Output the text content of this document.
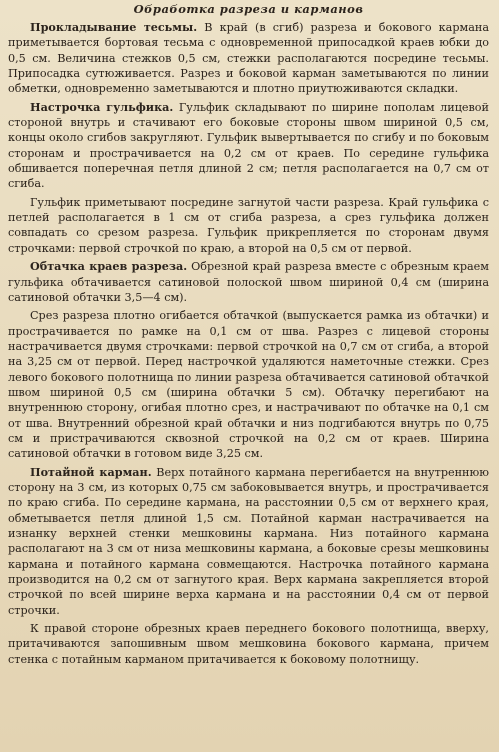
Обработка разреза и карманов

Прокладывание тесьмы. В край (в сгиб) разреза и бокового кармана приметывается бортовая тесьма с одновременной припосадкой краев юбки до 0,5 см. Величина стежков 0,5 см, стежки располагаются посредине тесьмы. Припосадка сутюживается. Разрез и боковой карман заметываются по линии обметки, одновременно заметываются и плотно приутюживаются складки.

Настрочка гульфика. Гульфик складывают по ширине пополам лицевой стороной внутрь и стачивают его боковые стороны швом шириной 0,5 см, концы около сгибов закругляют. Гульфик вывертывается по сгибу и по боковым сторонам и прострачивается на 0,2 см от краев. По середине гульфика обшивается поперечная петля длиной 2 см; петля располагается на 0,7 см от сгиба.

Гульфик приметывают посредине загнутой части разреза. Край гульфика с петлей располагается в 1 см от сгиба разреза, а срез гульфика должен совпадать со срезом разреза. Гульфик прикрепляется по сторонам двумя строчками: первой строчкой по краю, а второй на 0,5 см от первой.

Обтачка краев разреза. Обрезной край разреза вместе с обрезным краем гульфика обтачивается сатиновой полоской швом шириной 0,4 см (ширина сатиновой обтачки 3,5—4 см).

Срез разреза плотно огибается обтачкой (выпускается рамка из обтачки) и прострачивается по рамке на 0,1 см от шва. Разрез с лицевой стороны настрачивается двумя строчками: первой строчкой на 0,7 см от сгиба, а второй на 3,25 см от первой. Перед настрочкой удаляются наметочные стежки. Срез левого бокового полотнища по линии разреза обтачивается сатиновой обтачкой швом шириной 0,5 см (ширина обтачки 5 см). Обтачку перегибают на внутреннюю сторону, огибая плотно срез, и настрачивают по обтачке на 0,1 см от шва. Внутренний обрезной край обтачки и низ подгибаются внутрь по 0,75 см и пристрачиваются сквозной строчкой на 0,2 см от краев. Ширина сатиновой обтачки в готовом виде 3,25 см.

Потайной карман. Верх потайного кармана перегибается на внутреннюю сторону на 3 см, из которых 0,75 см забоковывается внутрь, и прострачивается по краю сгиба. По середине кармана, на расстоянии 0,5 см от верхнего края, обметывается петля длиной 1,5 см. Потайной карман настрачивается на изнанку верхней стенки мешковины кармана. Низ потайного кармана располагают на 3 см от низа мешковины кармана, а боковые срезы мешковины кармана и потайного кармана совмещаются. Настрочка потайного кармана производится на 0,2 см от загнутого края. Верх кармана закрепляется второй строчкой по всей ширине верха кармана и на расстоянии 0,4 см от первой строчки.

К правой стороне обрезных краев переднего бокового полотнища, вверху, притачиваются запошивным швом мешковина бокового кармана, причем стенка с потайным карманом притачивается к боковому полотнищу.
